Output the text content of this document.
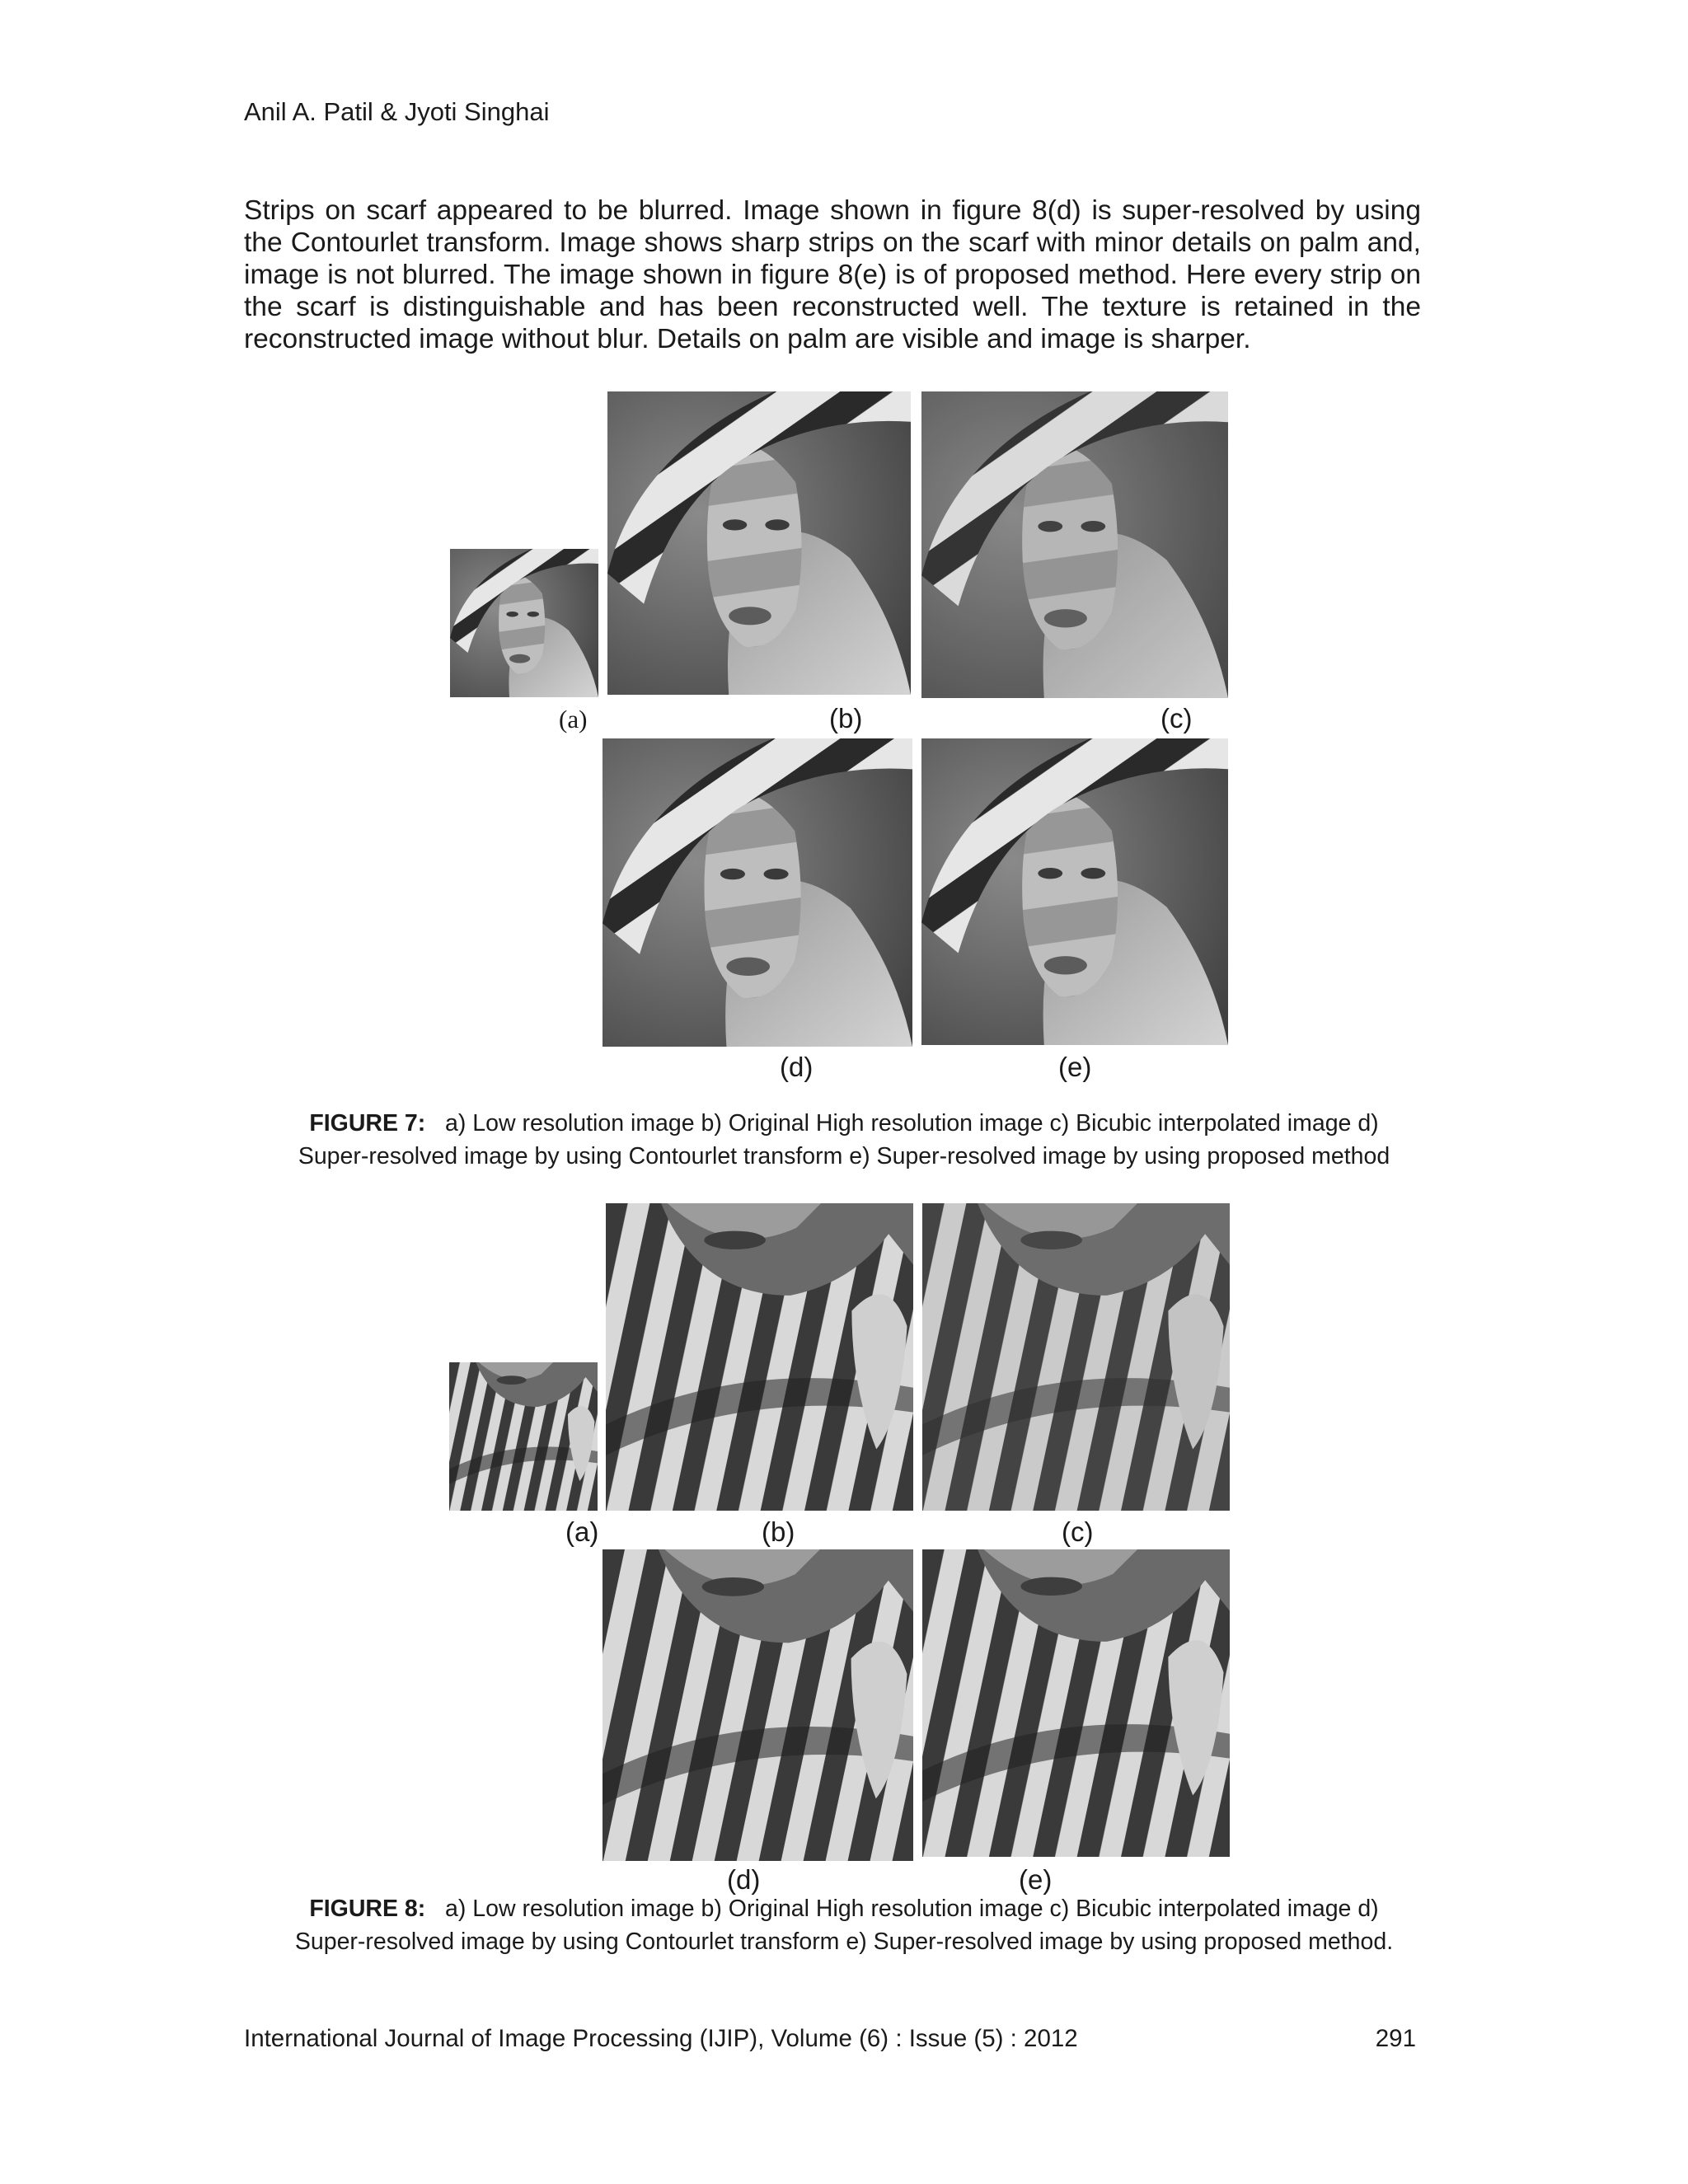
Anil A. Patil & Jyoti Singhai
Strips on scarf appeared to be blurred. Image shown in figure 8(d) is super-resolved by using the Contourlet transform. Image shows sharp strips on the scarf with minor details on palm and, image is not blurred. The image shown in figure 8(e) is of proposed method. Here every strip on the scarf is distinguishable and has been reconstructed well. The texture is retained in the reconstructed image without blur. Details on palm are visible and image is sharper.
(a)	(b)	(c)
(d)	(e)
FIGURE 7: a) Low resolution image b) Original High resolution image c) Bicubic interpolated image d)
Super-resolved image by using Contourlet transform e) Super-resolved image by using proposed method
(a)	(b)	(c)
(d)	(e)
FIGURE 8: a) Low resolution image b) Original High resolution image c) Bicubic interpolated image d)
Super-resolved image by using Contourlet transform e) Super-resolved image by using proposed method.
International Journal of Image Processing (IJIP), Volume (6) : Issue (5) : 2012	291
